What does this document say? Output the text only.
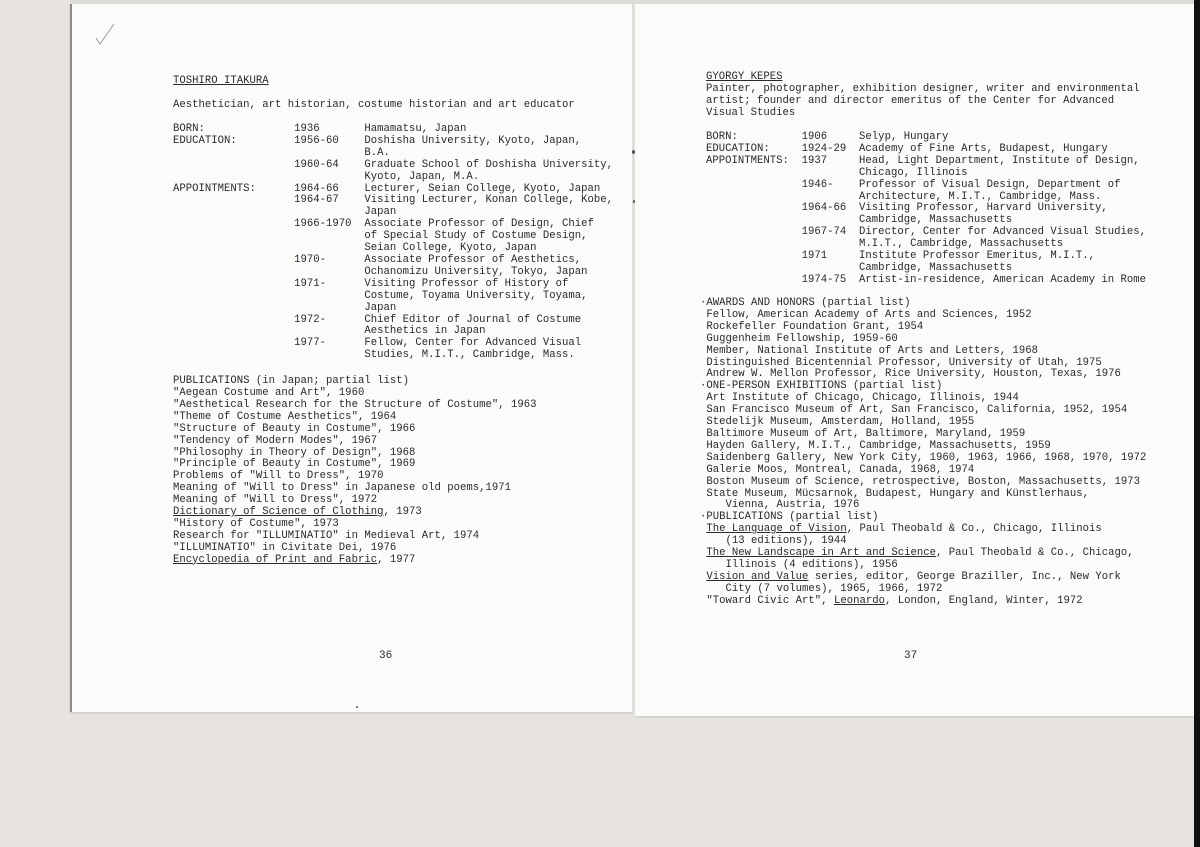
TOSHIRO ITAKURA
Aesthetician, art historian, costume historian and art educator
BORN:              1936       Hamamatsu, Japan
EDUCATION:         1956-60    Doshisha University, Kyoto, Japan,
B.A.
1960-64    Graduate School of Doshisha University,
Kyoto, Japan, M.A.
APPOINTMENTS:      1964-66    Lecturer, Seian College, Kyoto, Japan
1964-67    Visiting Lecturer, Konan College, Kobe,
Japan
1966-1970  Associate Professor of Design, Chief
of Special Study of Costume Design,
Seian College, Kyoto, Japan
1970-      Associate Professor of Aesthetics,
Ochanomizu University, Tokyo, Japan
1971-      Visiting Professor of History of
Costume, Toyama University, Toyama,
Japan
1972-      Chief Editor of Journal of Costume
Aesthetics in Japan
1977-      Fellow, Center for Advanced Visual
Studies, M.I.T., Cambridge, Mass.
PUBLICATIONS (in Japan; partial list)
"Aegean Costume and Art", 1960
"Aesthetical Research for the Structure of Costume", 1963
"Theme of Costume Aesthetics", 1964
"Structure of Beauty in Costume", 1966
"Tendency of Modern Modes", 1967
"Philosophy in Theory of Design", 1968
"Principle of Beauty in Costume", 1969
Problems of "Will to Dress", 1970
Meaning of "Will to Dress" in Japanese old poems,1971
Meaning of "Will to Dress", 1972
Dictionary of Science of Clothing, 1973
"History of Costume", 1973
Research for "ILLUMINATIO" in Medieval Art, 1974
"ILLUMINATIO" in Civitate Dei, 1976
Encyclopedia of Print and Fabric, 1977
36
GYORGY KEPES
Painter, photographer, exhibition designer, writer and environmental
artist; founder and director emeritus of the Center for Advanced
Visual Studies
BORN:          1906     Selyp, Hungary
EDUCATION:     1924-29  Academy of Fine Arts, Budapest, Hungary
APPOINTMENTS:  1937     Head, Light Department, Institute of Design,
Chicago, Illinois
1946-    Professor of Visual Design, Department of
Architecture, M.I.T., Cambridge, Mass.
1964-66  Visiting Professor, Harvard University,
Cambridge, Massachusetts
1967-74  Director, Center for Advanced Visual Studies,
M.I.T., Cambridge, Massachusetts
1971     Institute Professor Emeritus, M.I.T.,
Cambridge, Massachusetts
1974-75  Artist-in-residence, American Academy in Rome
·AWARDS AND HONORS (partial list)
Fellow, American Academy of Arts and Sciences, 1952
Rockefeller Foundation Grant, 1954
Guggenheim Fellowship, 1959-60
Member, National Institute of Arts and Letters, 1968
Distinguished Bicentennial Professor, University of Utah, 1975
Andrew W. Mellon Professor, Rice University, Houston, Texas, 1976
·ONE-PERSON EXHIBITIONS (partial list)
Art Institute of Chicago, Chicago, Illinois, 1944
San Francisco Museum of Art, San Francisco, California, 1952, 1954
Stedelijk Museum, Amsterdam, Holland, 1955
Baltimore Museum of Art, Baltimore, Maryland, 1959
Hayden Gallery, M.I.T., Cambridge, Massachusetts, 1959
Saidenberg Gallery, New York City, 1960, 1963, 1966, 1968, 1970, 1972
Galerie Moos, Montreal, Canada, 1968, 1974
Boston Museum of Science, retrospective, Boston, Massachusetts, 1973
State Museum, Mücsarnok, Budapest, Hungary and Künstlerhaus,
Vienna, Austria, 1976
·PUBLICATIONS (partial list)
The Language of Vision, Paul Theobald & Co., Chicago, Illinois
(13 editions), 1944
The New Landscape in Art and Science, Paul Theobald & Co., Chicago,
Illinois (4 editions), 1956
Vision and Value series, editor, George Braziller, Inc., New York
City (7 volumes), 1965, 1966, 1972
"Toward Civic Art", Leonardo, London, England, Winter, 1972
37
